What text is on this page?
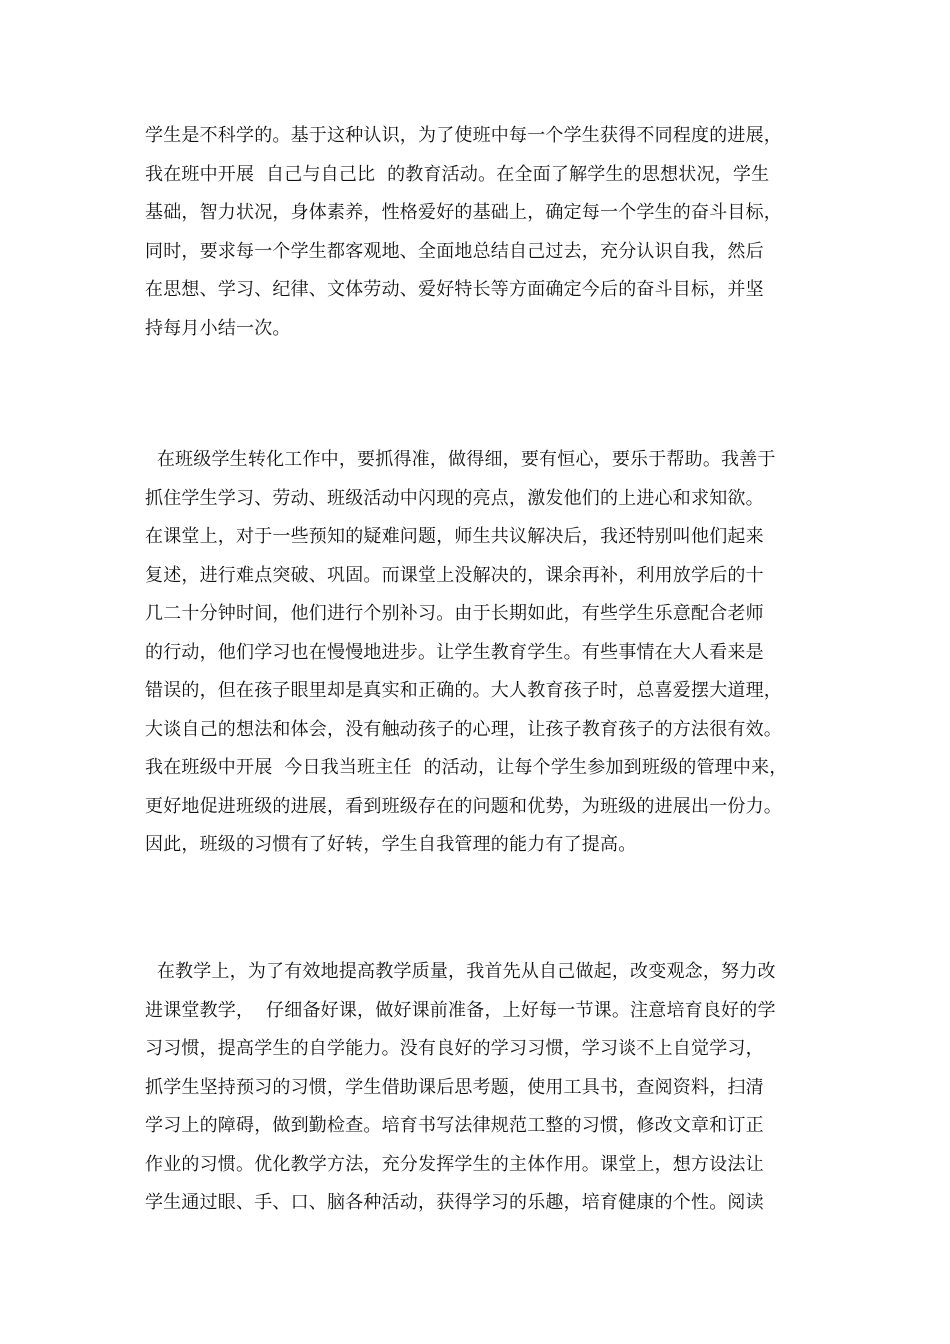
学生是不科学的。基于这种认识，为了使班中每一个学生获得不同程度的进展，
我在班中开展  自己与自己比  的教育活动。在全面了解学生的思想状况，学生
基础，智力状况，身体素养，性格爱好的基础上，确定每一个学生的奋斗目标，
同时，要求每一个学生都客观地、全面地总结自己过去，充分认识自我，然后
在思想、学习、纪律、文体劳动、爱好特长等方面确定今后的奋斗目标，并坚
持每月小结一次。
在班级学生转化工作中，要抓得准，做得细，要有恒心，要乐于帮助。我善于
抓住学生学习、劳动、班级活动中闪现的亮点，激发他们的上进心和求知欲。
在课堂上，对于一些预知的疑难问题，师生共议解决后，我还特别叫他们起来
复述，进行难点突破、巩固。而课堂上没解决的，课余再补，利用放学后的十
几二十分钟时间，他们进行个别补习。由于长期如此，有些学生乐意配合老师
的行动，他们学习也在慢慢地进步。让学生教育学生。有些事情在大人看来是
错误的，但在孩子眼里却是真实和正确的。大人教育孩子时，总喜爱摆大道理，
大谈自己的想法和体会，没有触动孩子的心理，让孩子教育孩子的方法很有效。
我在班级中开展  今日我当班主任  的活动，让每个学生参加到班级的管理中来，
更好地促进班级的进展，看到班级存在的问题和优势，为班级的进展出一份力。
因此，班级的习惯有了好转，学生自我管理的能力有了提高。
在教学上，为了有效地提高教学质量，我首先从自己做起，改变观念，努力改
进课堂教学，  仔细备好课，做好课前准备，上好每一节课。注意培育良好的学
习习惯，提高学生的自学能力。没有良好的学习习惯，学习谈不上自觉学习，
抓学生坚持预习的习惯，学生借助课后思考题，使用工具书，查阅资料，扫清
学习上的障碍，做到勤检查。培育书写法律规范工整的习惯，修改文章和订正
作业的习惯。优化教学方法，充分发挥学生的主体作用。课堂上，想方设法让
学生通过眼、手、口、脑各种活动，获得学习的乐趣，培育健康的个性。阅读
